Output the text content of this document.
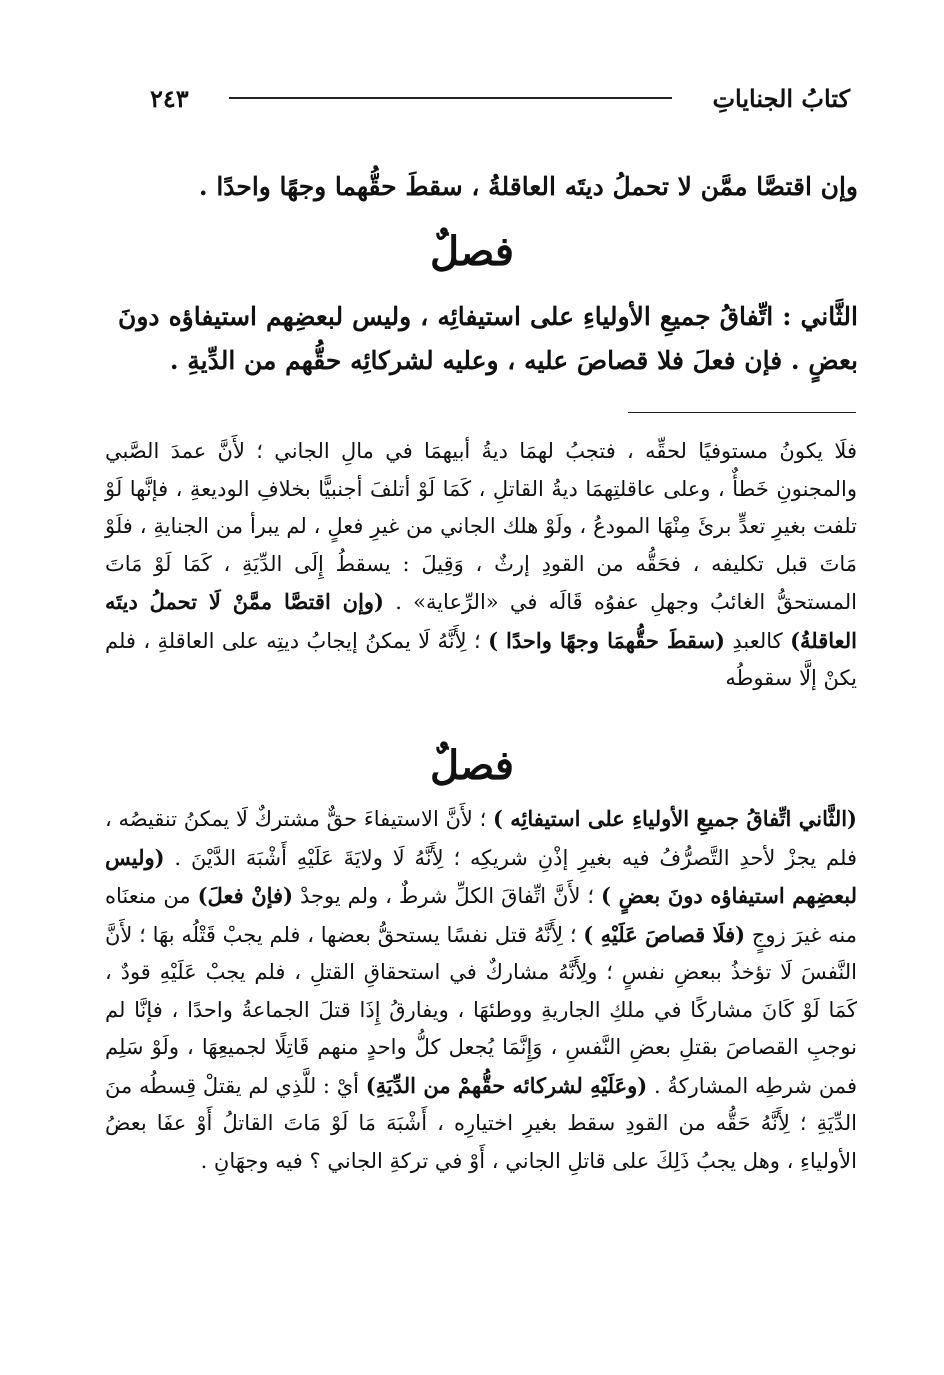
كتابُ الجناياتِ
٢٤٣
وإن اقتصَّا ممَّن لا تحملُ ديتَه العاقلةُ ، سقطَ حقُّهما وجهًا واحدًا .
فصلٌ
الثَّاني : اتِّفاقُ جميعِ الأولياءِ على استيفائِه ، وليس لبعضِهم استيفاؤه دونَ بعضٍ . فإن فعلَ فلا قصاصَ عليه ، وعليه لشركائِه حقُّهم من الدِّيةِ .
فلَا يكونُ مستوفيًا لحقِّه ، فتجبُ لهمَا ديةُ أبيهمَا في مالِ الجاني ؛ لأَنَّ عمدَ الصَّبي والمجنونِ خَطأٌ ، وعلى عاقلتِهمَا ديةُ القاتلِ ، كَمَا لَوْ أتلفَ أجنبيًّا بخلافِ الوديعةِ ، فإنَّها لَوْ تلفت بغيرِ تعدٍّ برئَ مِنْهَا المودعُ ، ولَوْ هلك الجاني من غيرِ فعلٍ ، لم يبرأ من الجنايةِ ، فلَوْ مَاتَ قبل تكليفه ، فحَقُّه من القودِ إرثٌ ، وَقِيلَ : يسقطُ إِلَى الدِّيَةِ ، كَمَا لَوْ مَاتَ المستحقُّ الغائبُ وجهلِ عفوُه قَالَه في «الرِّعاية» . (وإن اقتصَّا ممَّنْ لَا تحملُ ديتَه العاقلةُ) كالعبدِ (سقطَ حقُّهمَا وجهًا واحدًا ) ؛ لِأَنَّهُ لَا يمكنُ إيجابُ ديتِه على العاقلةِ ، فلم يكنْ إلَّا سقوطُه
فصلٌ
(الثَّاني اتِّفاقُ جميعِ الأولياءِ على استيفائِه ) ؛ لأَنَّ الاستيفاءَ حقٌّ مشتركٌ لَا يمكنُ تنقيصُه ، فلم يجزْ لأحدِ التَّصرُّفُ فيه بغيرِ إذْنِ شريكِه ؛ لِأَنَّهُ لَا ولايَةَ عَلَيْهِ أَشْبَهَ الدَّيْنَ . (وليس لبعضِهم استيفاؤه دونَ بعضٍ ) ؛ لأَنَّ اتِّفاقَ الكلِّ شرطٌ ، ولم يوجدْ (فإنْ فعلَ) من منعنَاه منه غيرَ زوجٍ (فلَا قصاصَ عَلَيْهِ ) ؛ لِأَنَّهُ قتل نفسًا يستحقُّ بعضها ، فلم يجبْ قَتْلُه بهَا ؛ لأَنَّ النَّفسَ لَا تؤخذُ ببعضِ نفسٍ ؛ ولِأَنَّهُ مشاركٌ في استحقاقِ القتلِ ، فلم يجبْ عَلَيْهِ قودٌ ، كَمَا لَوْ كَانَ مشاركًا في ملكِ الجاريةِ ووطئهَا ، ويفارقُ إِذَا قتلَ الجماعةُ واحدًا ، فإنَّا لم نوجبِ القصاصَ بقتلِ بعضِ النَّفسِ ، وَإِنَّمَا يُجعل كلُّ واحدٍ منهم قَاتِلًا لجميعِهَا ، ولَوْ سَلِم فمن شرطِه المشاركةُ . (وعَلَيْهِ لشركائه حقُّهمْ من الدِّيَةِ) أيْ : للَّذِي لم يقتلْ قِسطُه منَ الدِّيَةِ ؛ لِأَنَّهُ حَقُّه من القودِ سقط بغيرِ اختيارِه ، أَشْبَهَ مَا لَوْ مَاتَ القاتلُ أَوْ عفَا بعضُ الأولياءِ ، وهل يجبُ ذَلِكَ على قاتلِ الجاني ، أَوْ في تركةِ الجاني ؟ فيه وجهَانِ .
